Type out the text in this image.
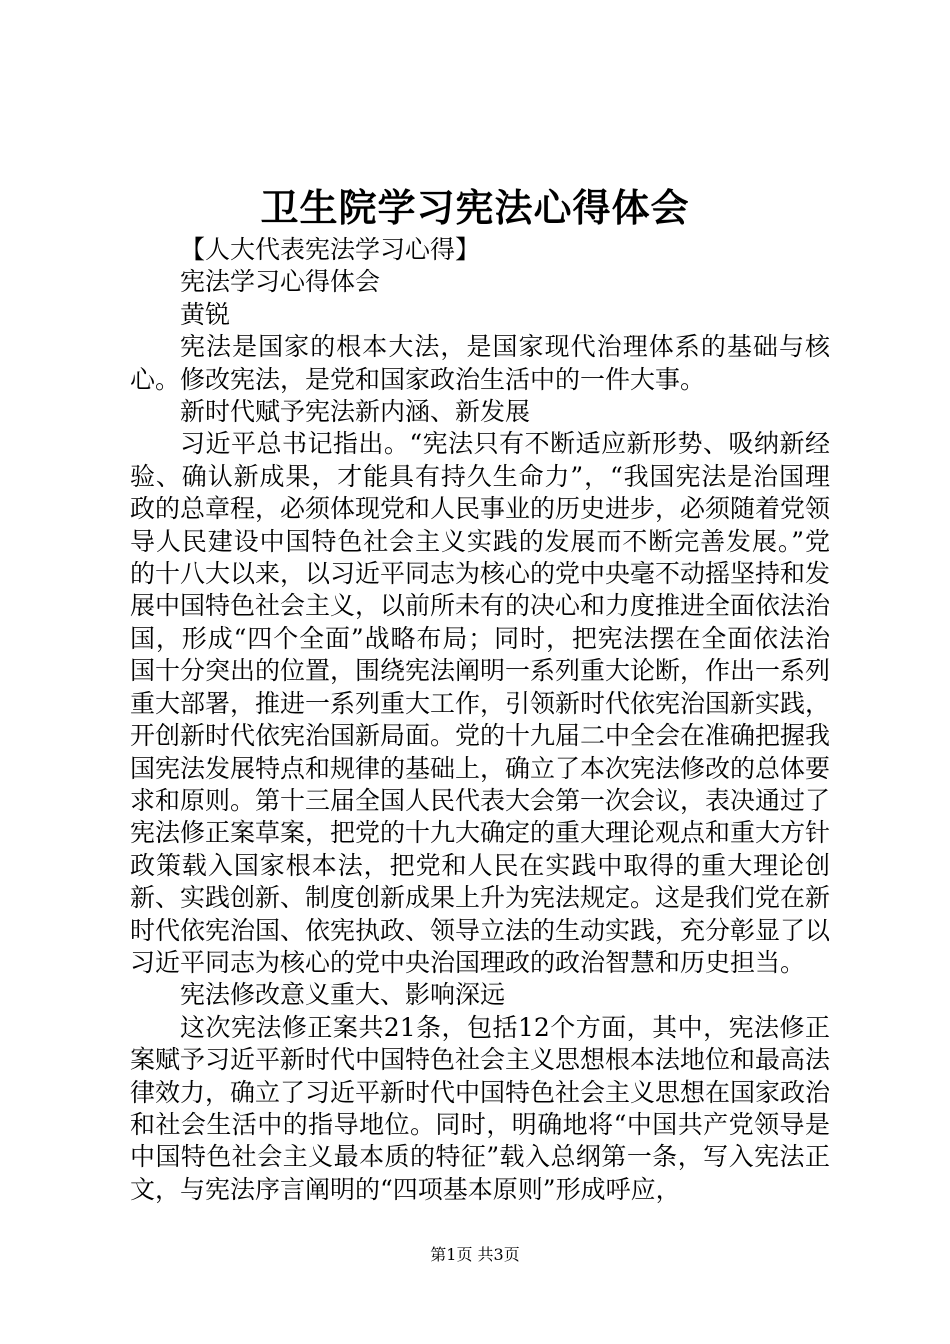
卫生院学习宪法心得体会

【人大代表宪法学习心得】

宪法学习心得体会

黄锐

宪法是国家的根本大法，是国家现代治理体系的基础与核心。修改宪法，是党和国家政治生活中的一件大事。

新时代赋予宪法新内涵、新发展

习近平总书记指出。“宪法只有不断适应新形势、吸纳新经验、确认新成果，才能具有持久生命力”，“我国宪法是治国理政的总章程，必须体现党和人民事业的历史进步，必须随着党领导人民建设中国特色社会主义实践的发展而不断完善发展。”党的十八大以来，以习近平同志为核心的党中央毫不动摇坚持和发展中国特色社会主义，以前所未有的决心和力度推进全面依法治国，形成“四个全面”战略布局；同时，把宪法摆在全面依法治国十分突出的位置，围绕宪法阐明一系列重大论断，作出一系列重大部署，推进一系列重大工作，引领新时代依宪治国新实践，开创新时代依宪治国新局面。党的十九届二中全会在准确把握我国宪法发展特点和规律的基础上，确立了本次宪法修改的总体要求和原则。第十三届全国人民代表大会第一次会议，表决通过了宪法修正案草案，把党的十九大确定的重大理论观点和重大方针政策载入国家根本法，把党和人民在实践中取得的重大理论创新、实践创新、制度创新成果上升为宪法规定。这是我们党在新时代依宪治国、依宪执政、领导立法的生动实践，充分彰显了以习近平同志为核心的党中央治国理政的政治智慧和历史担当。

宪法修改意义重大、影响深远

这次宪法修正案共21条，包括12个方面，其中，宪法修正案赋予习近平新时代中国特色社会主义思想根本法地位和最高法律效力，确立了习近平新时代中国特色社会主义思想在国家政治和社会生活中的指导地位。同时，明确地将“中国共产党领导是中国特色社会主义最本质的特征”载入总纲第一条，写入宪法正文，与宪法序言阐明的“四项基本原则”形成呼应，

第1页 共3页
